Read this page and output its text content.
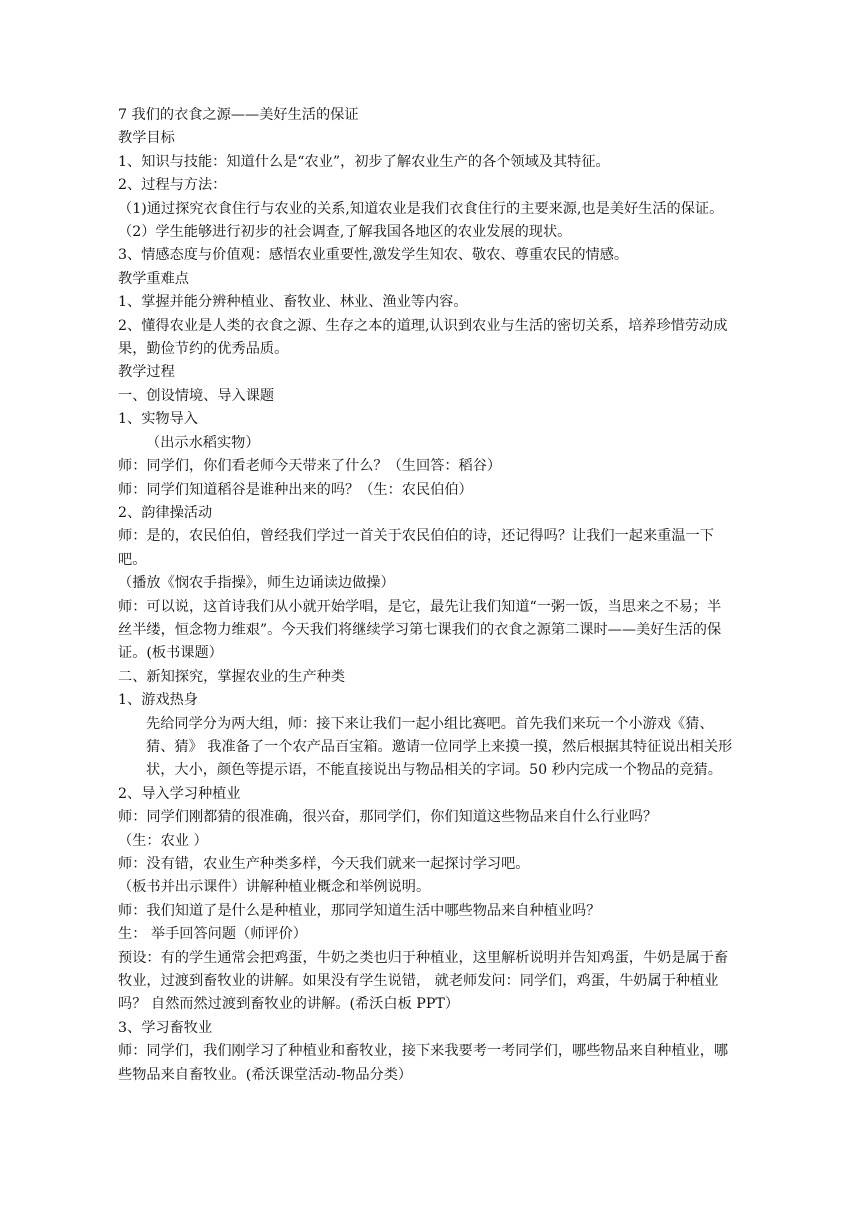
7 我们的衣食之源——美好生活的保证

教学目标

1、知识与技能：知道什么是“农业”，初步了解农业生产的各个领域及其特征。

2、过程与方法：

（1)通过探究衣食住行与农业的关系,知道农业是我们衣食住行的主要来源,也是美好生活的保证。

（2）学生能够进行初步的社会调查,了解我国各地区的农业发展的现状。

3、情感态度与价值观：感悟农业重要性,激发学生知农、敬农、尊重农民的情感。

教学重难点

1、掌握并能分辨种植业、畜牧业、林业、渔业等内容。

2、懂得农业是人类的衣食之源、生存之本的道理,认识到农业与生活的密切关系，培养珍惜劳动成果，勤俭节约的优秀品质。

教学过程

一、创设情境、导入课题

1、实物导入

（出示水稻实物）

师：同学们，你们看老师今天带来了什么？（生回答：稻谷）

师：同学们知道稻谷是谁种出来的吗？（生：农民伯伯）

2、韵律操活动

师：是的，农民伯伯，曾经我们学过一首关于农民伯伯的诗，还记得吗？让我们一起来重温一下吧。

（播放《悯农手指操》，师生边诵读边做操）

师：可以说，这首诗我们从小就开始学唱，是它，最先让我们知道“一粥一饭，当思来之不易；半丝半缕，恒念物力维艰”。今天我们将继续学习第七课我们的衣食之源第二课时——美好生活的保证。(板书课题）

二、新知探究，掌握农业的生产种类

1、游戏热身

先给同学分为两大组，师：接下来让我们一起小组比赛吧。首先我们来玩一个小游戏《猜、猜、猜》 我准备了一个农产品百宝箱。邀请一位同学上来摸一摸，然后根据其特征说出相关形状，大小，颜色等提示语，不能直接说出与物品相关的字词。50 秒内完成一个物品的竞猜。

2、导入学习种植业

师：同学们刚都猜的很准确，很兴奋，那同学们，你们知道这些物品来自什么行业吗？

（生：农业 ）

师：没有错，农业生产种类多样，今天我们就来一起探讨学习吧。

（板书并出示课件）讲解种植业概念和举例说明。

师：我们知道了是什么是种植业，那同学知道生活中哪些物品来自种植业吗？

生： 举手回答问题（师评价）

预设：有的学生通常会把鸡蛋，牛奶之类也归于种植业，这里解析说明并告知鸡蛋，牛奶是属于畜牧业，过渡到畜牧业的讲解。如果没有学生说错， 就老师发问：同学们，鸡蛋，牛奶属于种植业吗？ 自然而然过渡到畜牧业的讲解。(希沃白板 PPT）

3、学习畜牧业

师：同学们，我们刚学习了种植业和畜牧业，接下来我要考一考同学们，哪些物品来自种植业，哪些物品来自畜牧业。(希沃课堂活动-物品分类）
